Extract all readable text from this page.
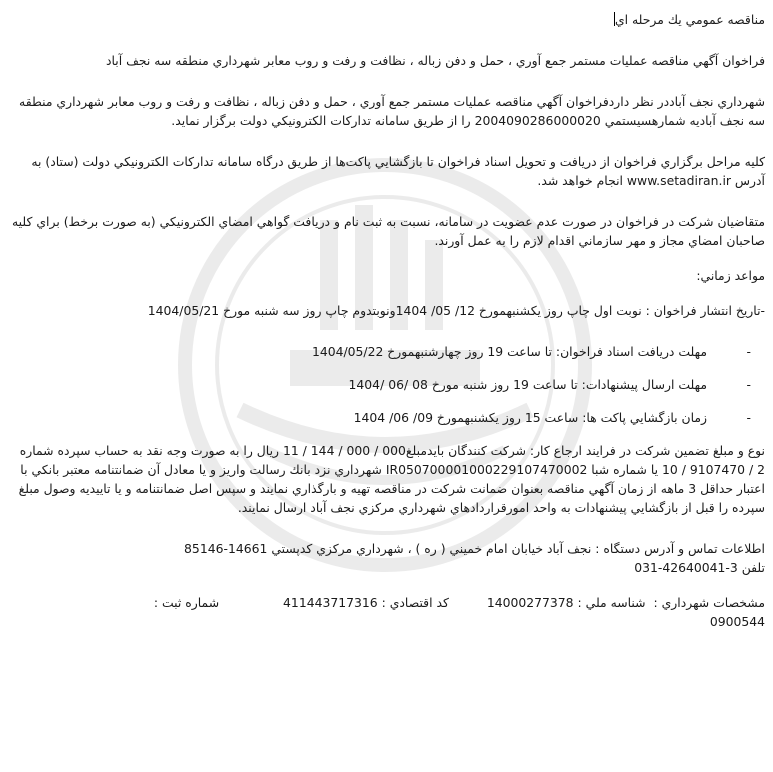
مناقصه عمومي يك مرحله اي

فراخوان آگهي مناقصه عمليات مستمر جمع آوري ، حمل و دفن زباله ، نظافت و رفت و روب معابر شهرداري منطقه سه نجف آباد

شهرداري نجف آباددر نظر داردفراخوان آگهي مناقصه عمليات مستمر جمع آوري ، حمل و دفن زباله ، نظافت و رفت و روب معابر شهرداري منطقه سه نجف آباديه شمارهسيستمي 2004090286000020 را از طريق سامانه تداركات الكترونيكي دولت برگزار نمايد.

كليه مراحل برگزاري فراخوان از دريافت و تحويل اسناد فراخوان تا بازگشايي پاكت‌ها از طريق درگاه سامانه تداركات الكترونيكي دولت (ستاد) به آدرس www.setadiran.ir انجام خواهد شد.

متقاضيان شركت در فراخوان در صورت عدم عضويت در سامانه، نسبت به ثبت نام و دريافت گواهي امضاي الكترونيكي (به صورت برخط) براي كليه صاحبان امضاي مجاز و مهر سازماني اقدام لازم را به عمل آورند.

مواعد زماني:

-تاريخ انتشار فراخوان : نوبت اول چاپ روز يكشنبهمورخ 12/ 05/ 1404ونوبتدوم چاپ روز سه شنبه مورخ 1404/05/21

-
مهلت دريافت اسناد فراخوان: تا ساعت 19 روز چهارشنبهمورخ 1404/05/22
-
مهلت ارسال پيشنهادات: تا ساعت 19 روز شنبه مورخ 08 /06 /1404
-
زمان بازگشايي پاكت ها: ساعت 15 روز يكشنبهمورخ 09/ 06/ 1404

نوع و مبلغ تضمين شركت در فرايند ارجاع كار: شركت كنندگان بايدمبلغ000 / 000 / 144 / 11 ريال را به صورت وجه نقد به حساب سپرده شماره 2 / 9107470 / 10 يا شماره شبا IR050700001000229107470002 شهرداري نزد بانك رسالت واريز و يا معادل آن ضمانتنامه معتبر بانكي با اعتبار حداقل 3 ماهه از زمان آگهي مناقصه بعنوان ضمانت شركت در مناقصه تهيه و بارگذاري نمايند و سپس اصل ضمانتنامه و يا تاييديه وصول مبلغ سپرده را قبل از بازگشايي پيشنهادات به واحد امورقراردادهاي شهرداري مركزي نجف آباد ارسال نمايند.

اطلاعات تماس و آدرس دستگاه : نجف آباد خيابان امام خميني ( ره ) ، شهرداري مركزي كدپستي 14661-85146

تلفن 3-42640041-031

مشخصات شهرداري : شناسه ملي : 14000277378 كد اقتصادي : 411443717316 شماره ثبت :

0900544
